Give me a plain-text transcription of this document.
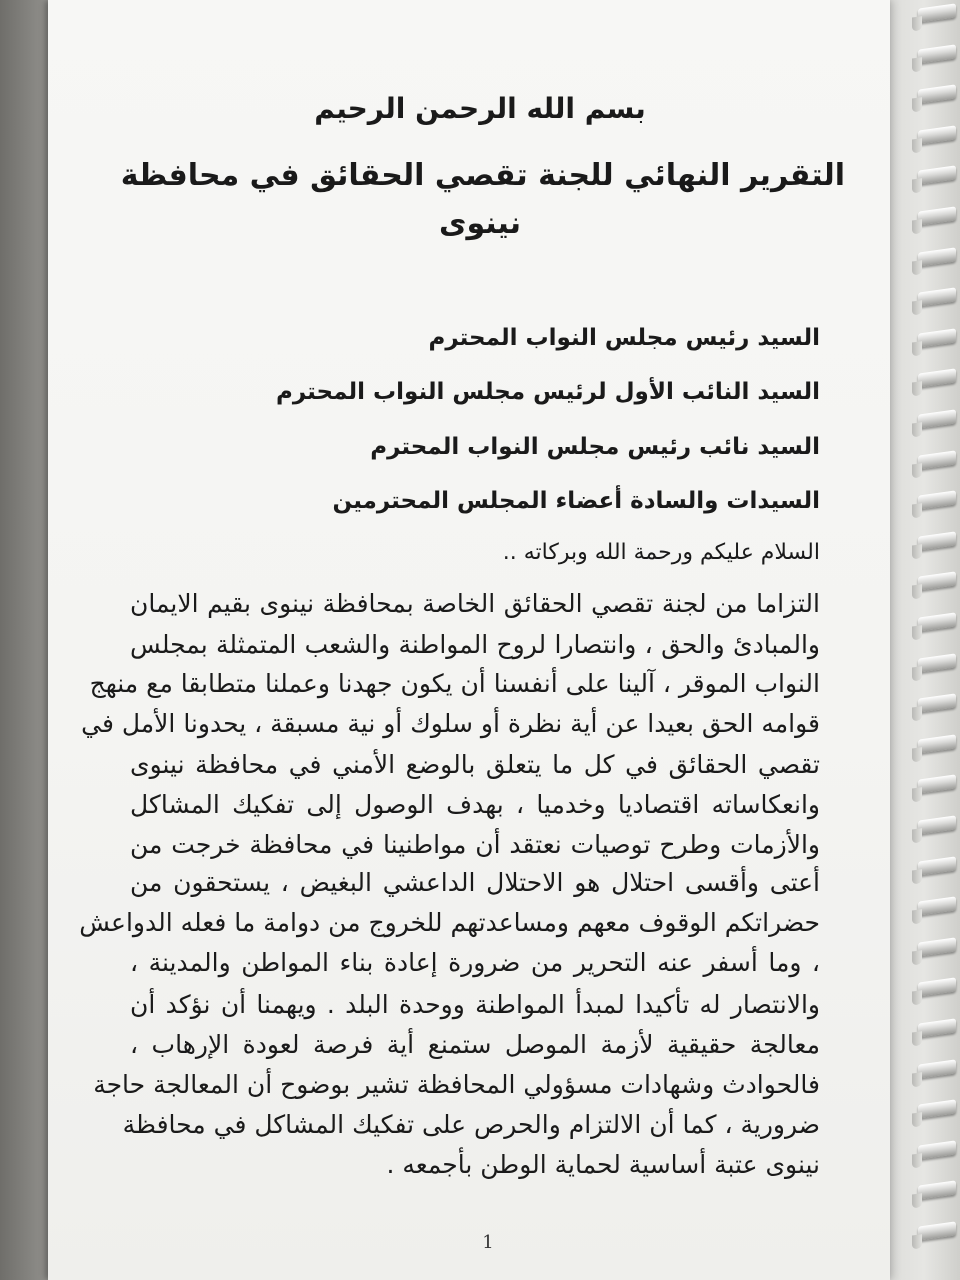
بسم الله الرحمن الرحيم
التقرير النهائي للجنة تقصي الحقائق في محافظة
نينوى
السيد رئيس مجلس النواب المحترم
السيد النائب الأول لرئيس مجلس النواب المحترم
السيد نائب رئيس مجلس النواب المحترم
السيدات والسادة أعضاء المجلس المحترمين
السلام عليكم ورحمة الله وبركاته ..
التزاما من لجنة تقصي الحقائق الخاصة بمحافظة نينوى بقيم الايمان
والمبادئ والحق ، وانتصارا لروح المواطنة والشعب المتمثلة بمجلس
النواب الموقر ، آلينا على أنفسنا أن يكون جهدنا وعملنا متطابقا مع منهج
قوامه الحق بعيدا عن أية نظرة أو سلوك أو نية مسبقة ، يحدونا الأمل في
تقصي الحقائق في كل ما يتعلق بالوضع الأمني في محافظة نينوى
وانعكاساته اقتصاديا وخدميا ، بهدف الوصول إلى تفكيك المشاكل
والأزمات وطرح توصيات نعتقد أن مواطنينا في محافظة خرجت من
أعتى وأقسى احتلال هو الاحتلال الداعشي البغيض ، يستحقون من
حضراتكم الوقوف معهم ومساعدتهم للخروج من دوامة ما فعله الدواعش
، وما أسفر عنه التحرير من ضرورة إعادة بناء المواطن والمدينة ،
والانتصار له تأكيدا لمبدأ المواطنة ووحدة البلد . ويهمنا أن نؤكد أن
معالجة حقيقية لأزمة الموصل ستمنع أية فرصة لعودة الإرهاب ،
فالحوادث وشهادات مسؤولي المحافظة تشير بوضوح أن المعالجة حاجة
ضرورية ، كما أن الالتزام والحرص على تفكيك المشاكل في محافظة
نينوى عتبة أساسية لحماية الوطن بأجمعه .
1
